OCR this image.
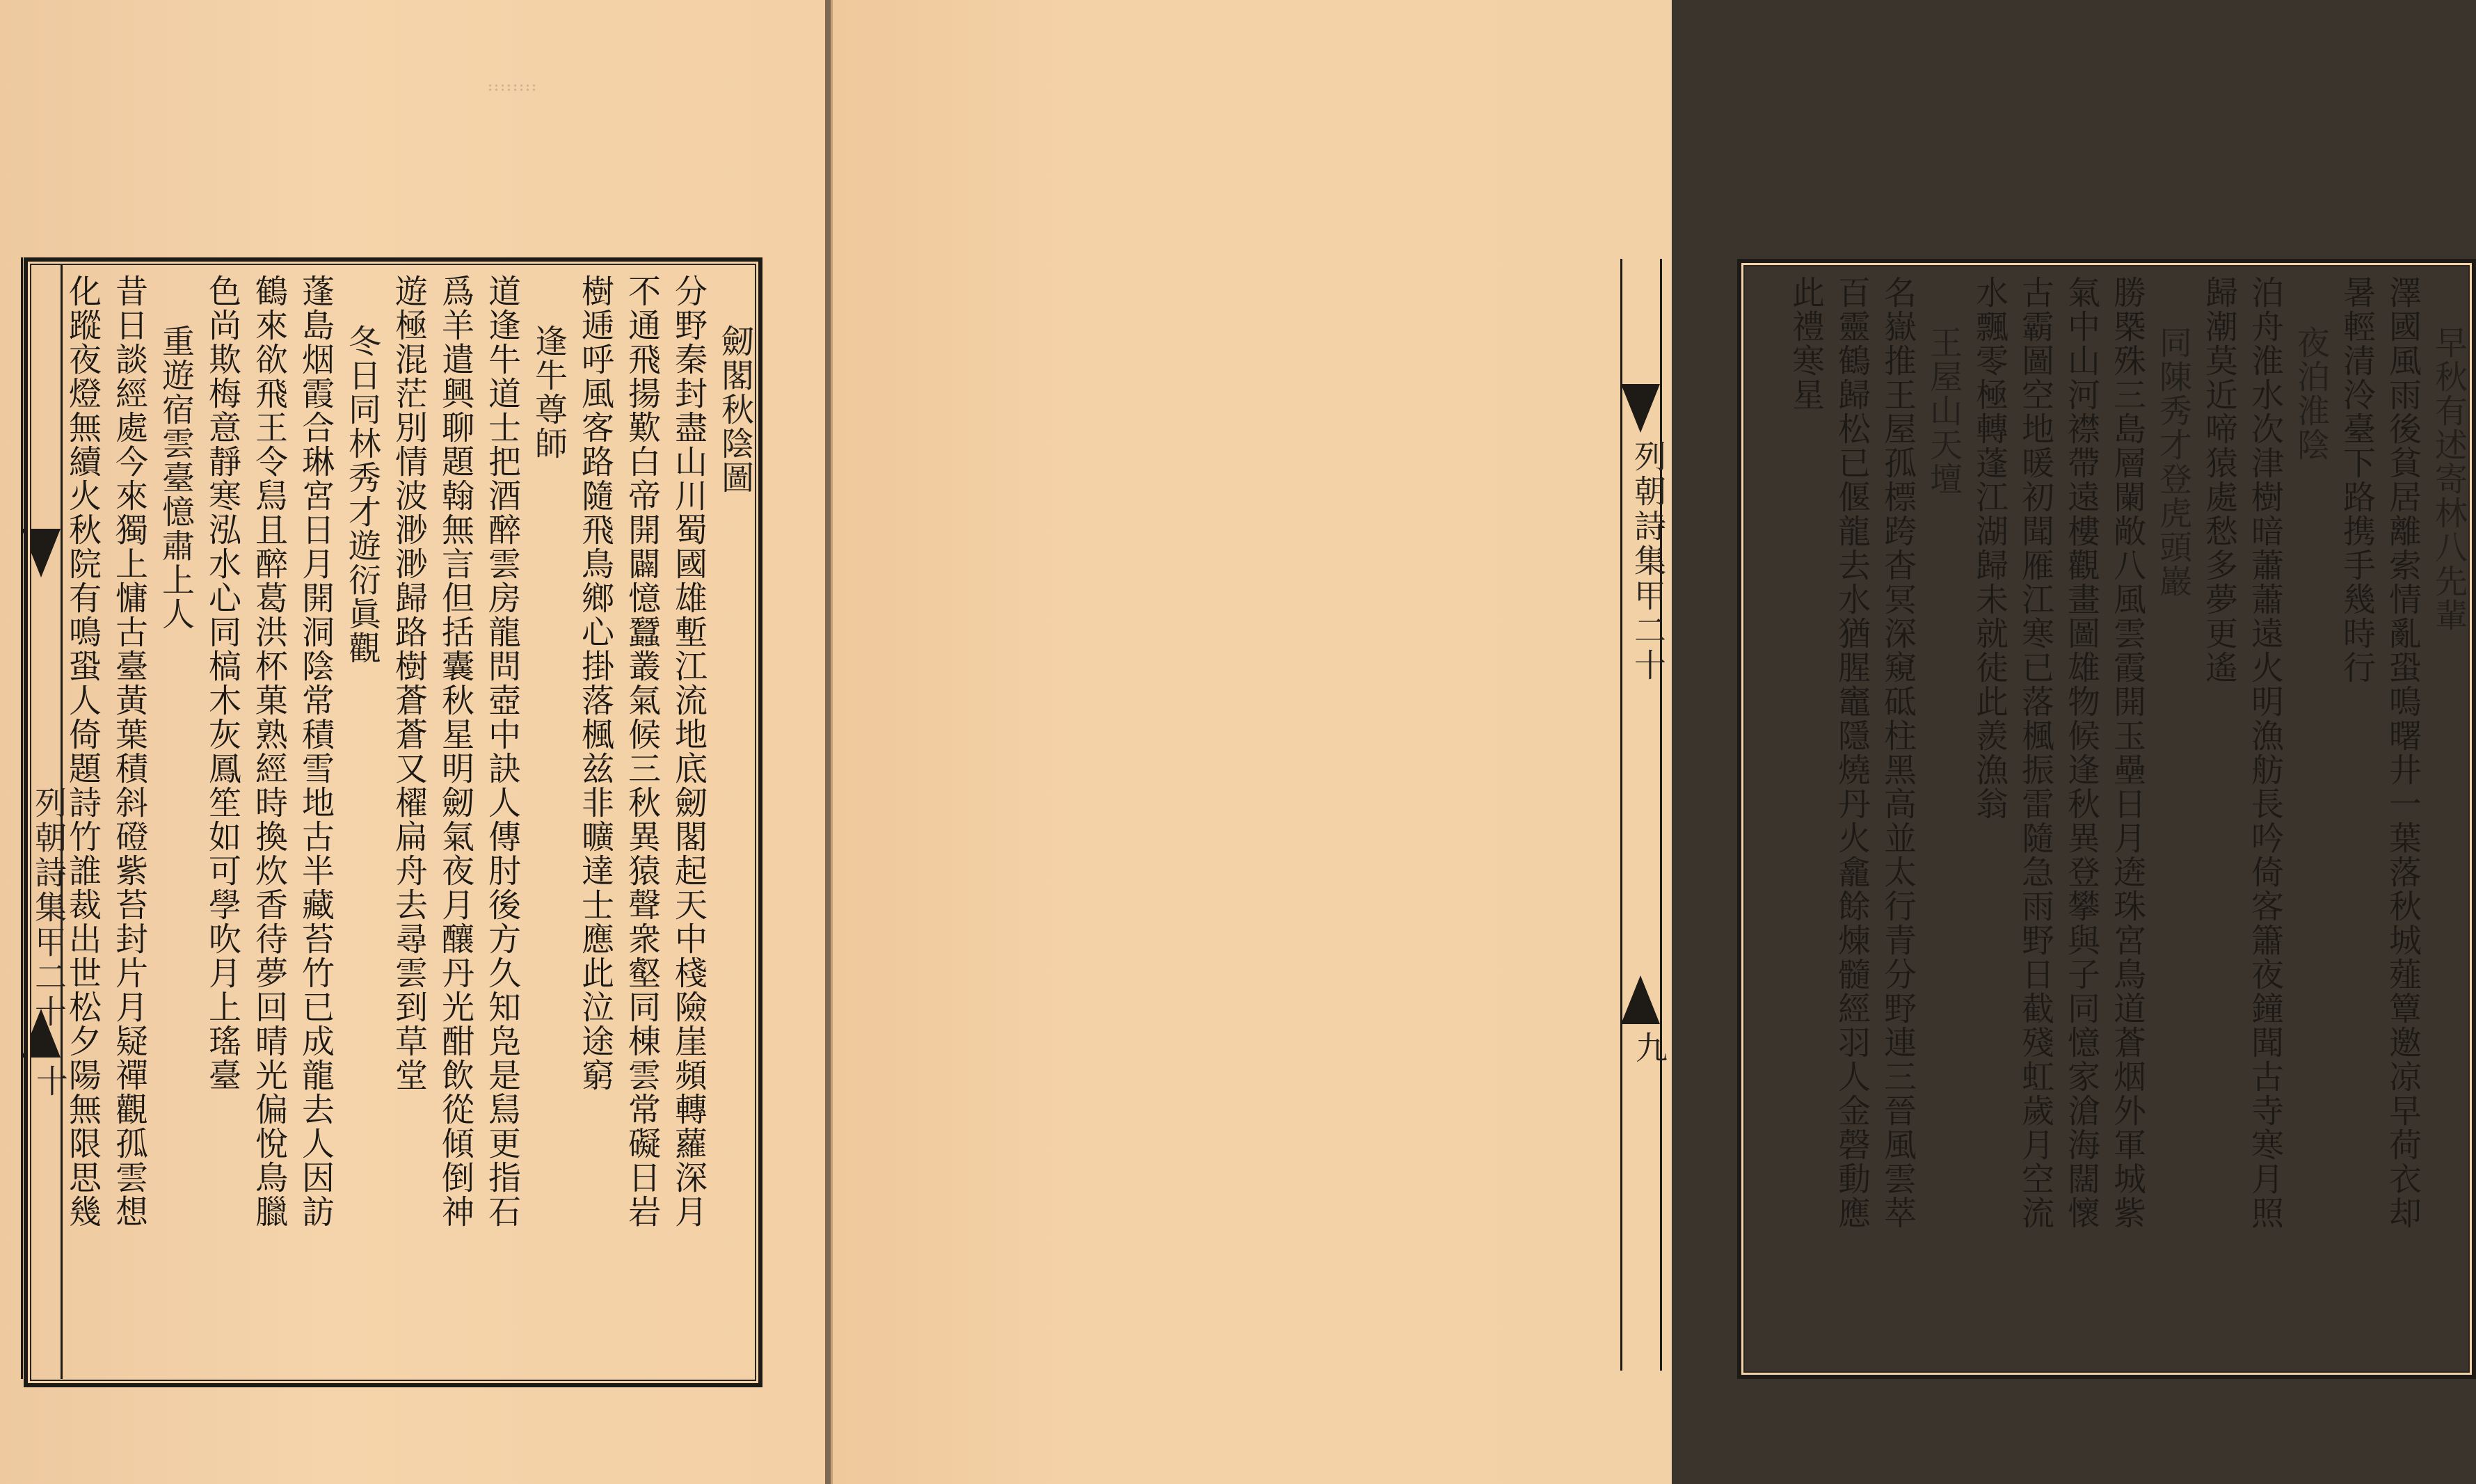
列朝詩集甲二十
十
劒閣秋陰圖
分野秦封盡山川蜀國雄塹江流地底劒閣起天中棧險崖頻轉蘿深月
不通飛揚歎白帝開闢憶蠶叢氣候三秋異猿聲衆壑同棟雲常礙日岩
樹逓呼風客路隨飛鳥鄉心掛落楓兹非曠達士應此泣途窮
逢牛尊師
道逢牛道士把酒醉雲房龍問壺中訣人傳肘後方久知凫是舃更指石
爲羊遣興聊題翰無言但括囊秋星明劒氣夜月釀丹光酣飲從傾倒神
遊極混茫別情波渺渺歸路樹蒼蒼又櫂扁舟去尋雲到草堂
冬日同林秀才遊衍眞觀
蓬島烟霞合琳宮日月開洞陰常積雪地古半藏苔竹已成龍去人因訪
鶴來欲飛王令舃且醉葛洪杯菓熟經時換炊香待夢回晴光偏悅鳥臘
色尚欺梅意靜寒泓水心同槁木灰鳳笙如可學吹月上瑤臺
重遊宿雲臺憶肅上人
昔日談經處今來獨上慵古臺黃葉積斜磴紫苔封片月疑禪觀孤雲想
化蹤夜燈無續火秋院有鳴蛩人倚題詩竹誰裁出世松夕陽無限思幾	早秋有述寄林八先輩
澤國風雨後貧居離索情亂蛩鳴曙井一葉落秋城薤簟邀凉早荷衣却
暑輕清泠臺下路携手幾時行
夜泊淮陰
泊舟淮水次津樹暗蕭蕭遠火明漁舫長吟倚客簫夜鐘聞古寺寒月照
歸潮莫近啼猿處愁多夢更遙
同陳秀才登虎頭巖
勝槩殊三島層闌敞八風雲霞開玉壘日月逩珠宮鳥道蒼烟外軍城紫
氣中山河襟帶遠樓觀畫圖雄物候逢秋異登攀與子同憶家滄海闊懷
古霸圖空地暖初聞雁江寒已落楓振雷隨急雨野日截殘虹歲月空流
水飄零極轉蓬江湖歸未就徒此羨漁翁
王屋山天壇
名嶽推王屋孤標跨杳冥深窺砥柱黑高並太行青分野連三晉風雲萃
百靈鶴歸松已偃龍去水猶腥竈隱燒丹火龕餘煉髓經羽人金磬動應
此禮寒星
列朝詩集甲二十
九
